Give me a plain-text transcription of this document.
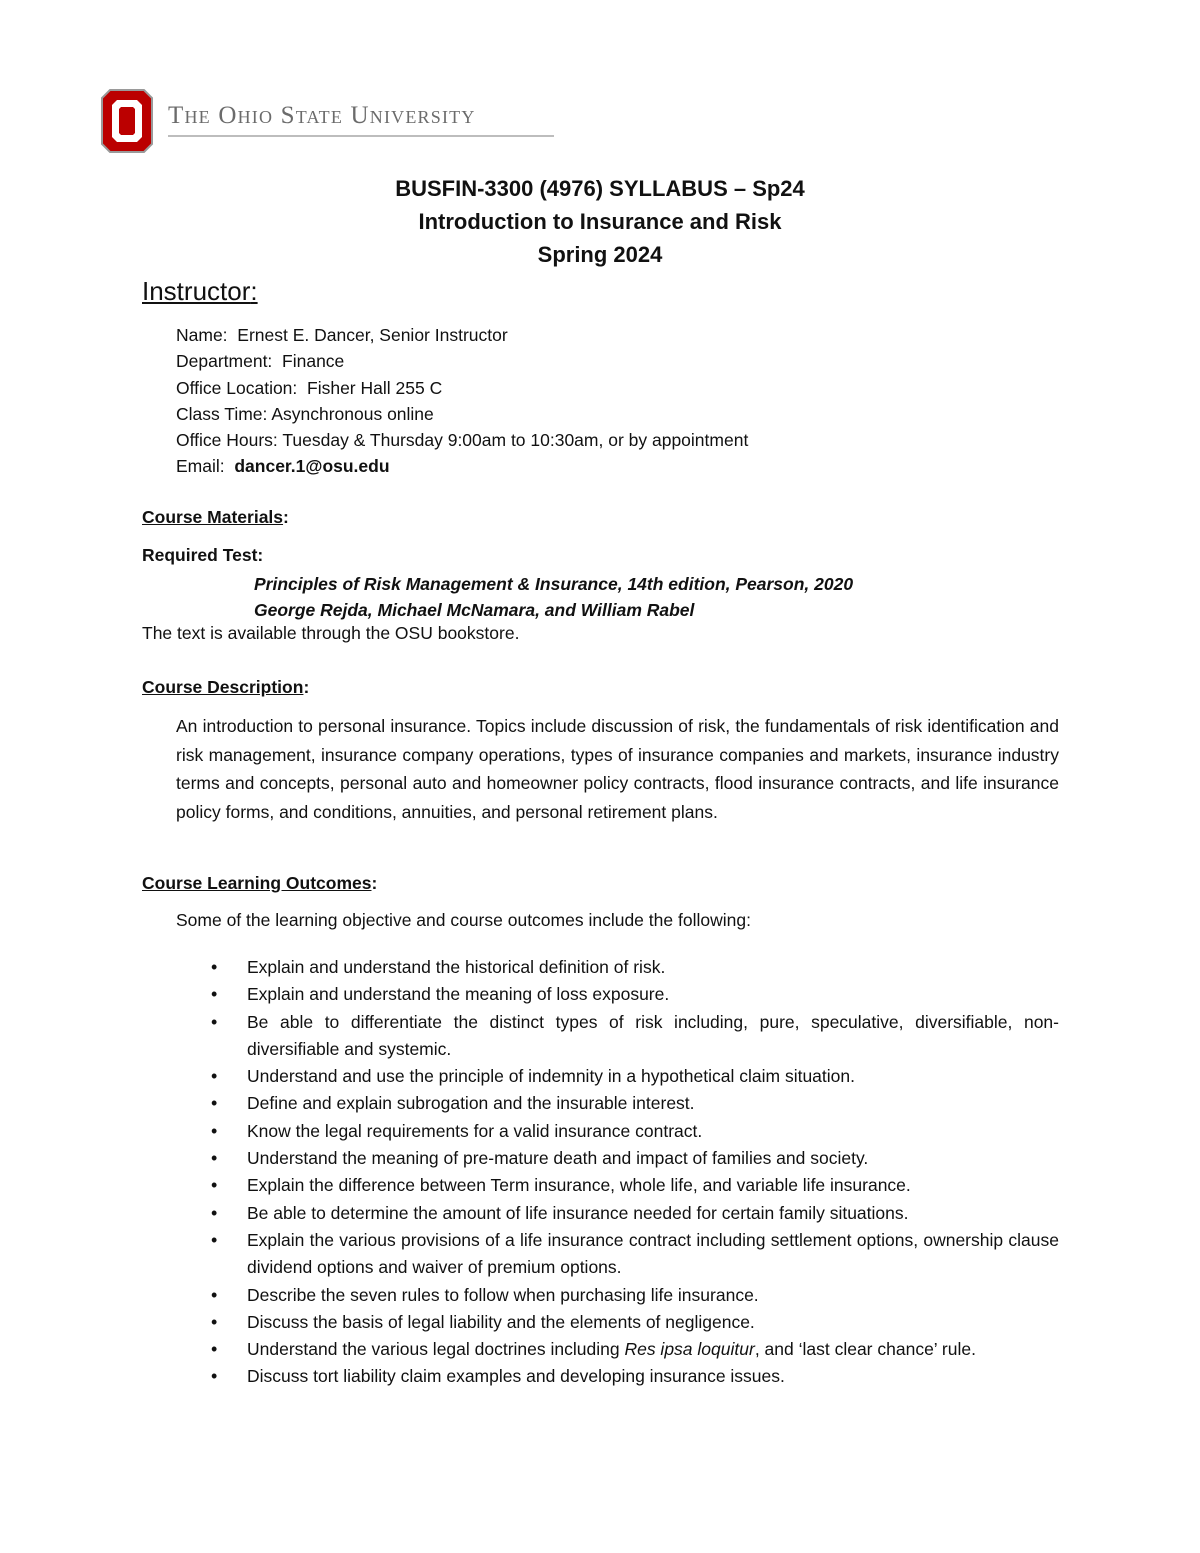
The Ohio State University
BUSFIN-3300 (4976) SYLLABUS – Sp24
Introduction to Insurance and Risk
Spring 2024
Instructor:
Name: Ernest E. Dancer, Senior Instructor
Department: Finance
Office Location: Fisher Hall 255 C
Class Time: Asynchronous online
Office Hours: Tuesday & Thursday 9:00am to 10:30am, or by appointment
Email: dancer.1@osu.edu
Course Materials:
Required Test:
Principles of Risk Management & Insurance, 14th edition, Pearson, 2020
George Rejda, Michael McNamara, and William Rabel
The text is available through the OSU bookstore.
Course Description:
An introduction to personal insurance. Topics include discussion of risk, the fundamentals of risk identification and risk management, insurance company operations, types of insurance companies and markets, insurance industry terms and concepts, personal auto and homeowner policy contracts, flood insurance contracts, and life insurance policy forms, and conditions, annuities, and personal retirement plans.
Course Learning Outcomes:
Some of the learning objective and course outcomes include the following:
• Explain and understand the historical definition of risk.
• Explain and understand the meaning of loss exposure.
• Be able to differentiate the distinct types of risk including, pure, speculative, diversifiable, non-diversifiable and systemic.
• Understand and use the principle of indemnity in a hypothetical claim situation.
• Define and explain subrogation and the insurable interest.
• Know the legal requirements for a valid insurance contract.
• Understand the meaning of pre-mature death and impact of families and society.
• Explain the difference between Term insurance, whole life, and variable life insurance.
• Be able to determine the amount of life insurance needed for certain family situations.
• Explain the various provisions of a life insurance contract including settlement options, ownership clause dividend options and waiver of premium options.
• Describe the seven rules to follow when purchasing life insurance.
• Discuss the basis of legal liability and the elements of negligence.
• Understand the various legal doctrines including Res ipsa loquitur, and ‘last clear chance’ rule.
• Discuss tort liability claim examples and developing insurance issues.
